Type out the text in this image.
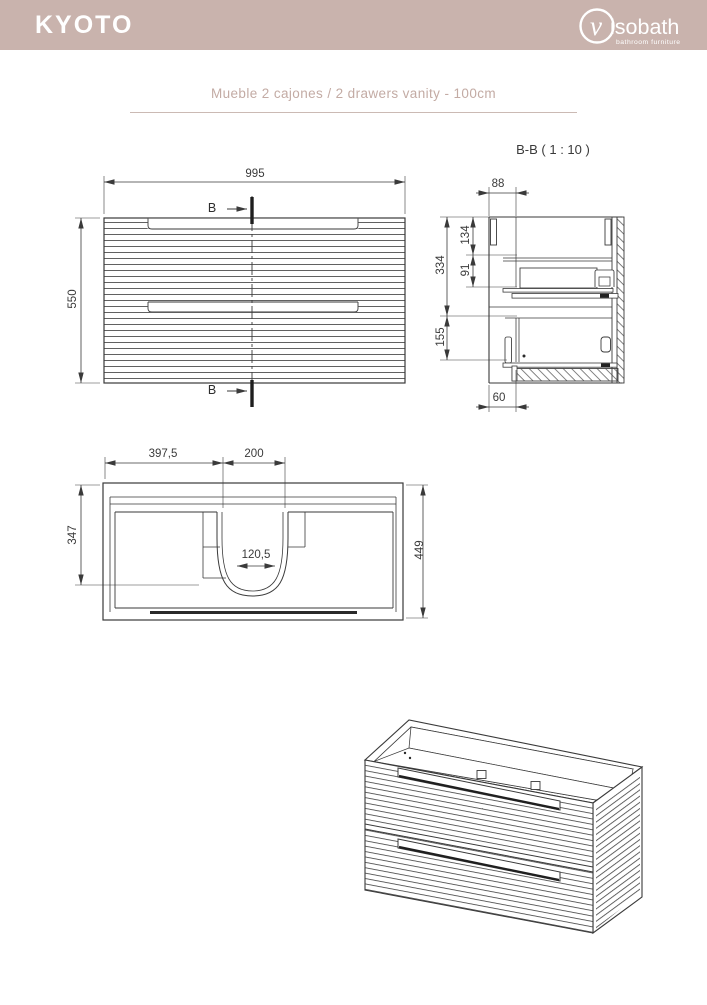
KYOTO	v isobath
bathroom furniture
Mueble 2 cajones / 2 drawers vanity - 100cm
B-B ( 1 : 10 )
995
550
B
B
88
134
91
334
155
60
397,5	200
347
120,5	449
